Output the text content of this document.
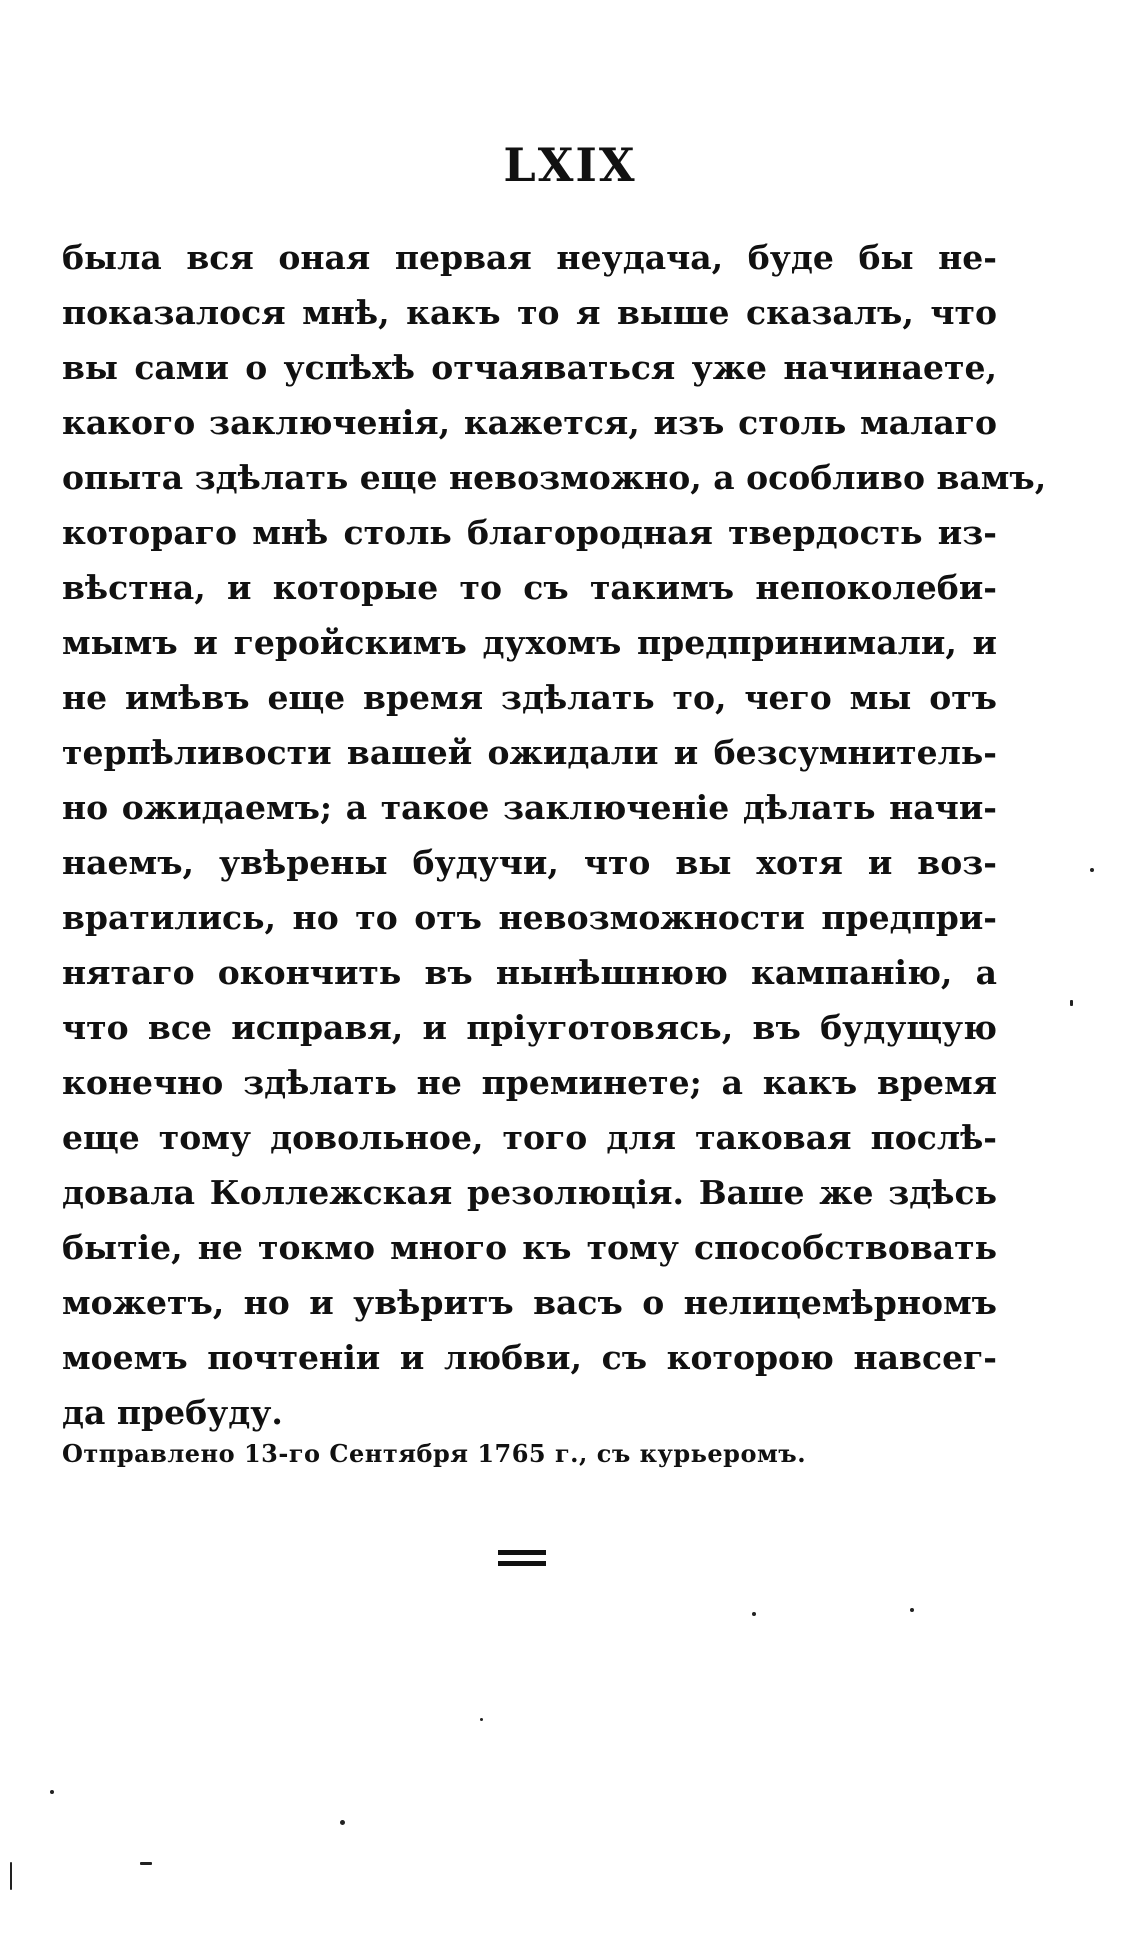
LXIX
была вся оная первая неудача, буде бы не-
показалося мнѣ, какъ то я выше сказалъ, что
вы сами о успѣхѣ отчаяваться уже начинаете,
какого заключенія, кажется, изъ столь малаго
опыта здѣлать еще невозможно, а особливо вамъ,
котораго мнѣ столь благородная твердость из-
вѣстна, и которые то съ такимъ непоколеби-
мымъ и геройскимъ духомъ предпринимали, и
не имѣвъ еще время здѣлать то, чего мы отъ
терпѣливости вашей ожидали и безсумнитель-
но ожидаемъ; а такое заключеніе дѣлать начи-
наемъ, увѣрены будучи, что вы хотя и воз-
вратились, но то отъ невозможности предпри-
нятаго окончить въ нынѣшнюю кампанію, а
что все исправя, и пріуготовясь, въ будущую
конечно здѣлать не преминете; а какъ время
еще тому довольное, того для таковая послѣ-
довала Коллежская резолюція. Ваше же здѣсь
бытіе, не токмо много къ тому способствовать
можетъ, но и увѣритъ васъ о нелицемѣрномъ
моемъ почтеніи и любви, съ которою навсег-
да пребуду.
Отправлено 13-го Сентября 1765 г., съ курьеромъ.
